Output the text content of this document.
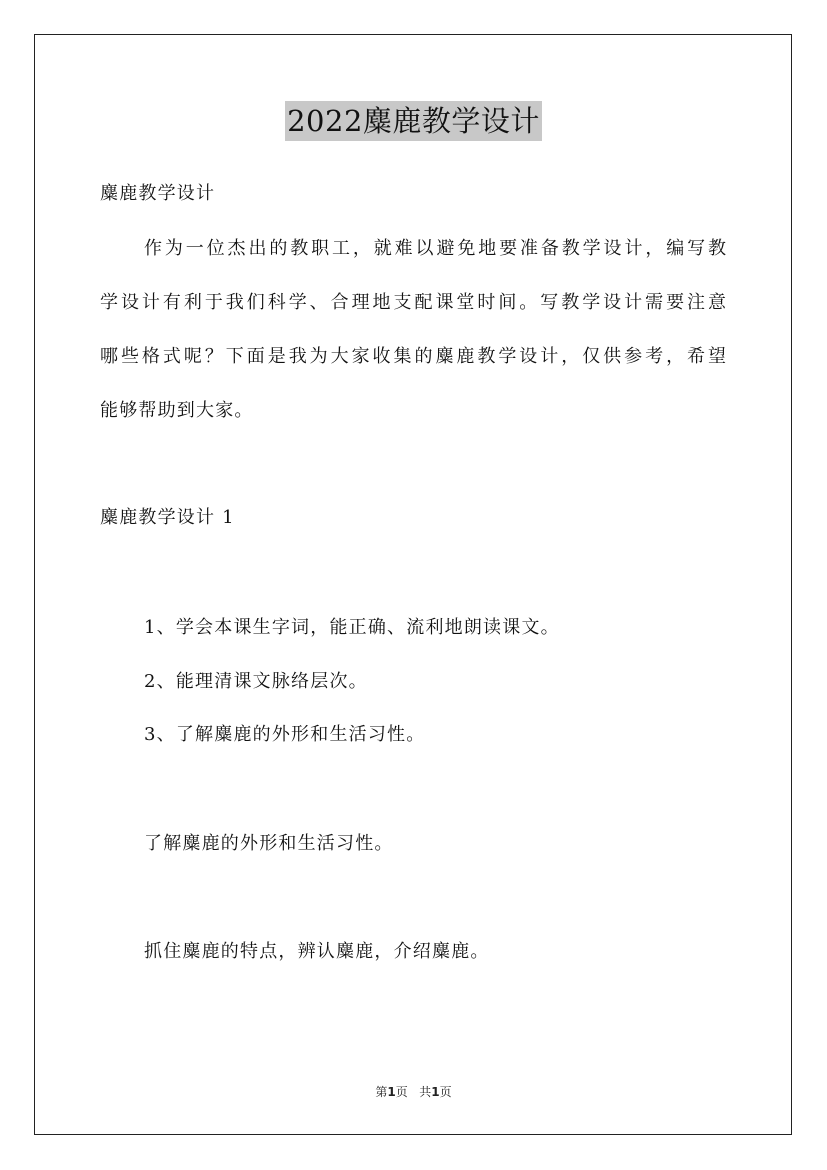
2022麋鹿教学设计
麋鹿教学设计
作为一位杰出的教职工，就难以避免地要准备教学设计，编写教
学设计有利于我们科学、合理地支配课堂时间。写教学设计需要注意
哪些格式呢？下面是我为大家收集的麋鹿教学设计，仅供参考，希望
能够帮助到大家。
麋鹿教学设计 1
1、学会本课生字词，能正确、流利地朗读课文。
2、能理清课文脉络层次。
3、了解麋鹿的外形和生活习性。
了解麋鹿的外形和生活习性。
抓住麋鹿的特点，辨认麋鹿，介绍麋鹿。
第1页 共1页
